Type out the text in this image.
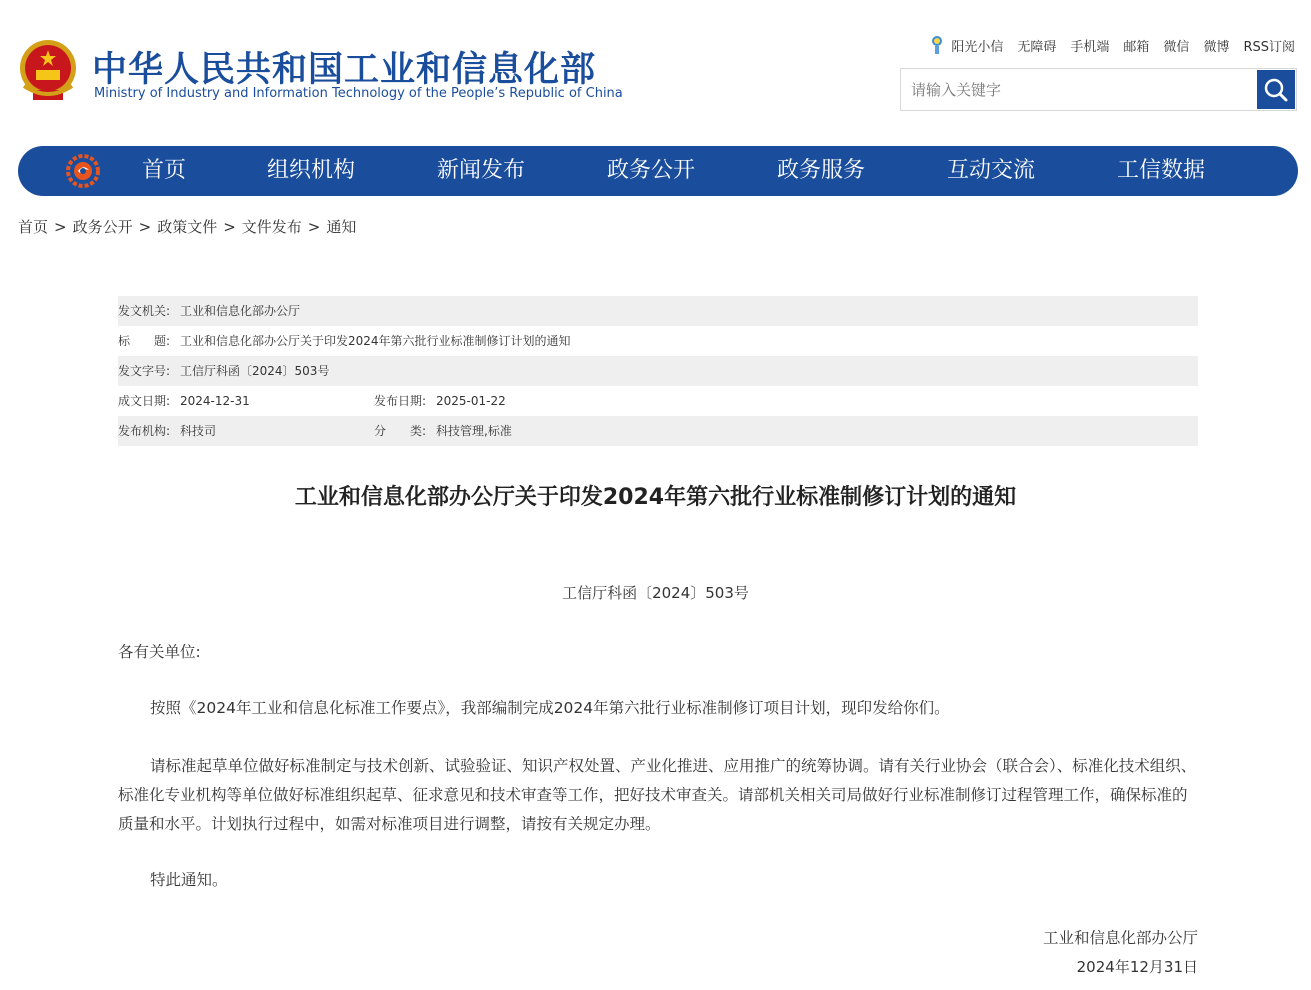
中华人民共和国工业和信息化部
Ministry of Industry and Information Technology of the People’s Republic of China
阳光小信 无障碍 手机端 邮箱 微信 微博 RSS订阅
请输入关键字
首页	组织机构	新闻发布	政务公开	政务服务	互动交流	工信数据
首页 > 政务公开 > 政策文件 > 文件发布 > 通知
发文机关: 工业和信息化部办公厅
标　　题: 工业和信息化部办公厅关于印发2024年第六批行业标准制修订计划的通知
发文字号: 工信厅科函〔2024〕503号
成文日期: 2024-12-31	发布日期: 2025-01-22
发布机构: 科技司	分　　类: 科技管理,标准
工业和信息化部办公厅关于印发2024年第六批行业标准制修订计划的通知
工信厅科函〔2024〕503号
各有关单位:
按照《2024年工业和信息化标准工作要点》，我部编制完成2024年第六批行业标准制修订项目计划，现印发给你们。
请标准起草单位做好标准制定与技术创新、试验验证、知识产权处置、产业化推进、应用推广的统筹协调。请有关行业协会（联合会）、标准化技术组织、标准化专业机构等单位做好标准组织起草、征求意见和技术审查等工作，把好技术审查关。请部机关相关司局做好行业标准制修订过程管理工作，确保标准的质量和水平。计划执行过程中，如需对标准项目进行调整，请按有关规定办理。
特此通知。
工业和信息化部办公厅
2024年12月31日
